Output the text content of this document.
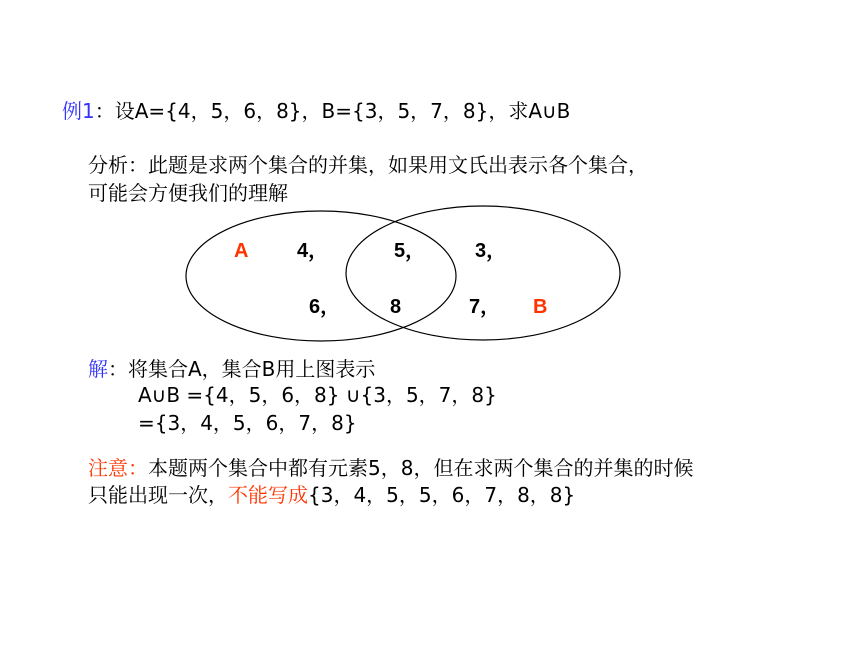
例1：设A={4，5，6，8}，B={3，5，7，8}，求A∪B
分析：此题是求两个集合的并集，如果用文氏出表示各个集合，
可能会方便我们的理解
A 4，	5， 3，
6， 8	7， B
解：将集合A，集合B用上图表示
A∪B ={4，5，6，8} ∪{3，5，7，8}
={3，4，5，6，7，8}
注意：本题两个集合中都有元素5，8，但在求两个集合的并集的时候
只能出现一次，不能写成{3，4，5，5，6，7，8，8}
